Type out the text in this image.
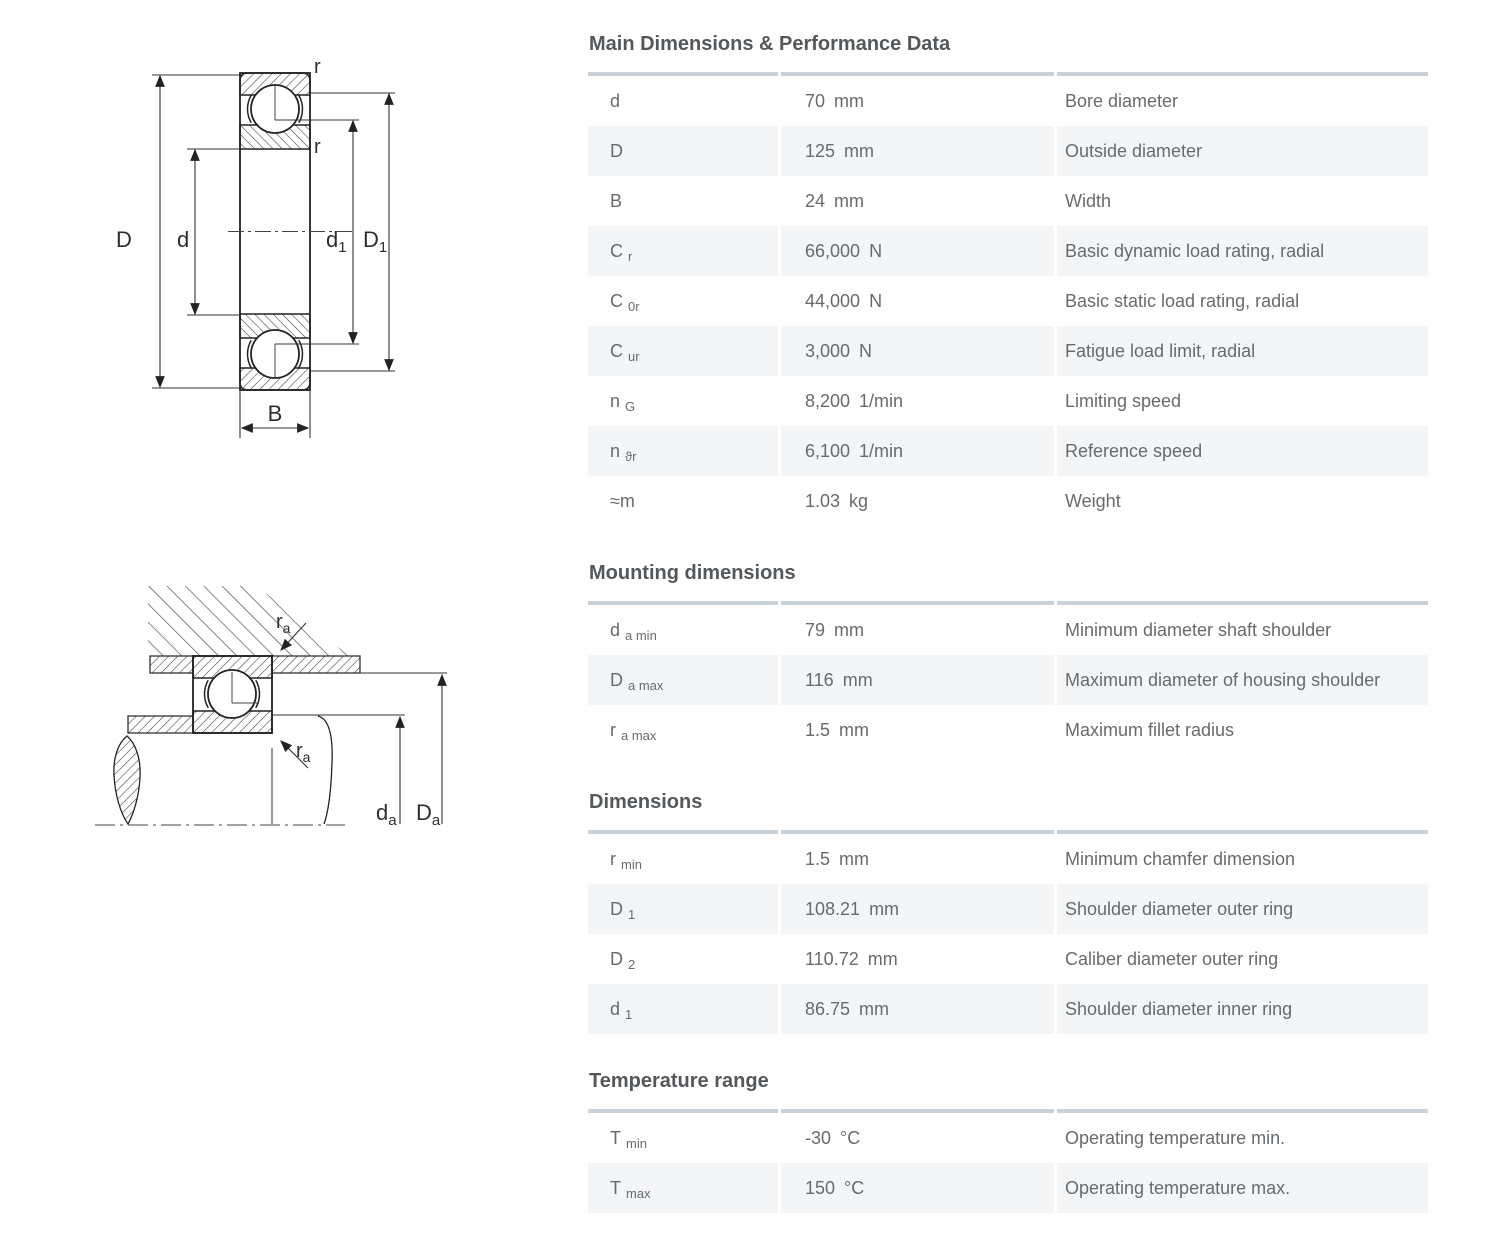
D d	$d_1$ $D_1$
r
r
B
$r_a$
$r_a$
$d_a$ $D_a$
Main Dimensions & Performance Data
d	70 mm	Bore diameter
D	125 mm	Outside diameter
B	24 mm	Width
C $_r$	66,000 N	Basic dynamic load rating, radial
C $_{0r}$	44,000 N	Basic static load rating, radial
C $_{ur}$	3,000 N	Fatigue load limit, radial
n $_G$	8,200 1/min	Limiting speed
n $_{ϑr}$	6,100 1/min	Reference speed
≈m	1.03 kg	Weight
Mounting dimensions
d $_{a min}$	79 mm	Minimum diameter shaft shoulder
D $_{a max}$	116 mm	Maximum diameter of housing shoulder
r $_{a max}$	1.5 mm	Maximum fillet radius
Dimensions
r $_{min}$	1.5 mm	Minimum chamfer dimension
D $_1$	108.21 mm	Shoulder diameter outer ring
D $_2$	110.72 mm	Caliber diameter outer ring
d $_1$	86.75 mm	Shoulder diameter inner ring
Temperature range
T $_{min}$	-30 °C	Operating temperature min.
T $_{max}$	150 °C	Operating temperature max.
